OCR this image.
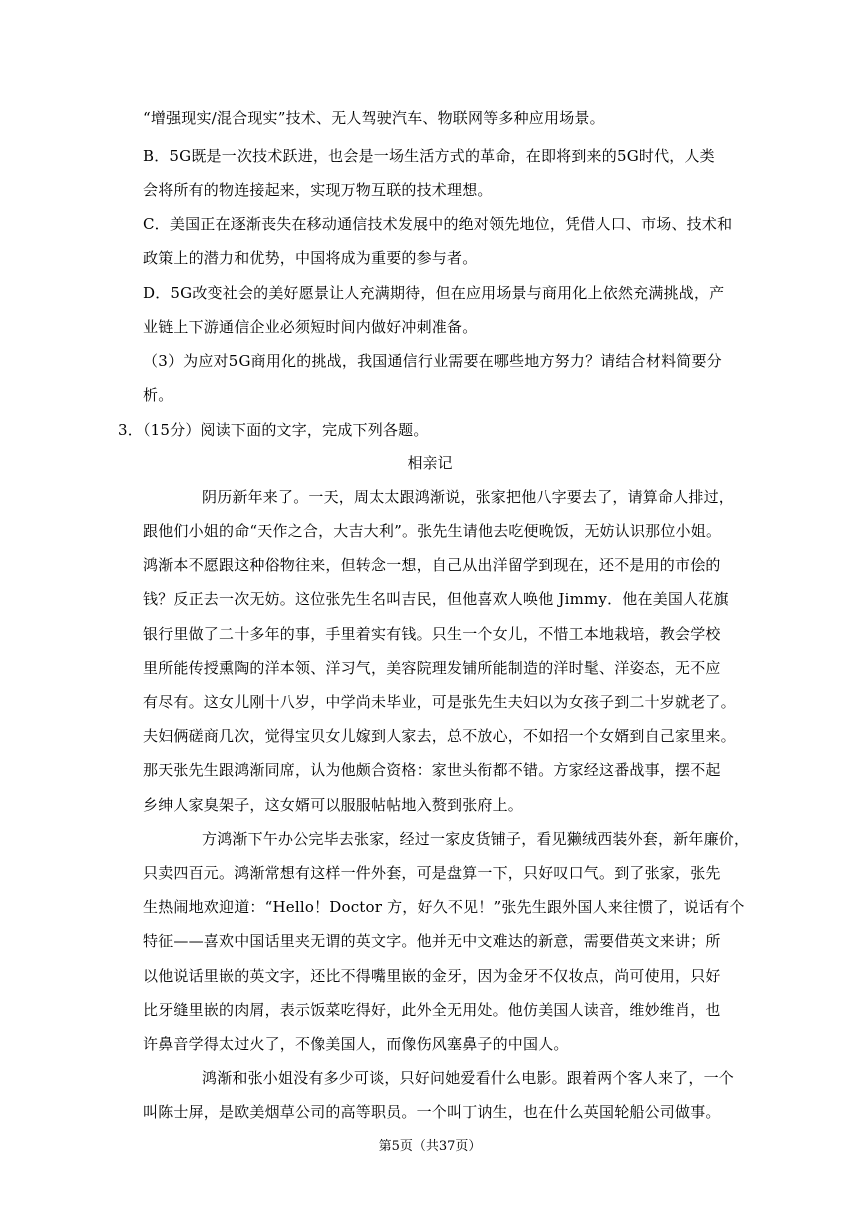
“增强现实/混合现实”技术、无人驾驶汽车、物联网等多种应用场景。
B．5G既是一次技术跃进，也会是一场生活方式的革命，在即将到来的5G时代，人类
会将所有的物连接起来，实现万物互联的技术理想。
C．美国正在逐渐丧失在移动通信技术发展中的绝对领先地位，凭借人口、市场、技术和
政策上的潜力和优势，中国将成为重要的参与者。
D．5G改变社会的美好愿景让人充满期待，但在应用场景与商用化上依然充满挑战，产
业链上下游通信企业必须短时间内做好冲刺准备。
（3）为应对5G商用化的挑战，我国通信行业需要在哪些地方努力？请结合材料简要分
析。
3．（15分）阅读下面的文字，完成下列各题。
相亲记
阴历新年来了。一天，周太太跟鸿渐说，张家把他八字要去了，请算命人排过，
跟他们小姐的命“天作之合，大吉大利”。张先生请他去吃便晚饭，无妨认识那位小姐。
鸿渐本不愿跟这种俗物往来，但转念一想，自己从出洋留学到现在，还不是用的市侩的
钱？反正去一次无妨。这位张先生名叫吉民，但他喜欢人唤他 Jimmy．他在美国人花旗
银行里做了二十多年的事，手里着实有钱。只生一个女儿，不惜工本地栽培，教会学校
里所能传授熏陶的洋本领、洋习气，美容院理发铺所能制造的洋时髦、洋姿态，无不应
有尽有。这女儿刚十八岁，中学尚未毕业，可是张先生夫妇以为女孩子到二十岁就老了。
夫妇俩磋商几次，觉得宝贝女儿嫁到人家去，总不放心，不如招一个女婿到自己家里来。
那天张先生跟鸿渐同席，认为他颇合资格：家世头衔都不错。方家经这番战事，摆不起
乡绅人家臭架子，这女婿可以服服帖帖地入赘到张府上。
方鸿渐下午办公完毕去张家，经过一家皮货铺子，看见獭绒西装外套，新年廉价，
只卖四百元。鸿渐常想有这样一件外套，可是盘算一下，只好叹口气。到了张家，张先
生热闹地欢迎道：“Hello！Doctor 方，好久不见！”张先生跟外国人来往惯了，说话有个
特征——喜欢中国话里夹无谓的英文字。他并无中文难达的新意，需要借英文来讲；所
以他说话里嵌的英文字，还比不得嘴里嵌的金牙，因为金牙不仅妆点，尚可使用，只好
比牙缝里嵌的肉屑，表示饭菜吃得好，此外全无用处。他仿美国人读音，维妙维肖，也
许鼻音学得太过火了，不像美国人，而像伤风塞鼻子的中国人。
鸿渐和张小姐没有多少可谈，只好问她爱看什么电影。跟着两个客人来了，一个
叫陈士屏，是欧美烟草公司的高等职员。一个叫丁讷生，也在什么英国轮船公司做事。
第5页（共37页）
